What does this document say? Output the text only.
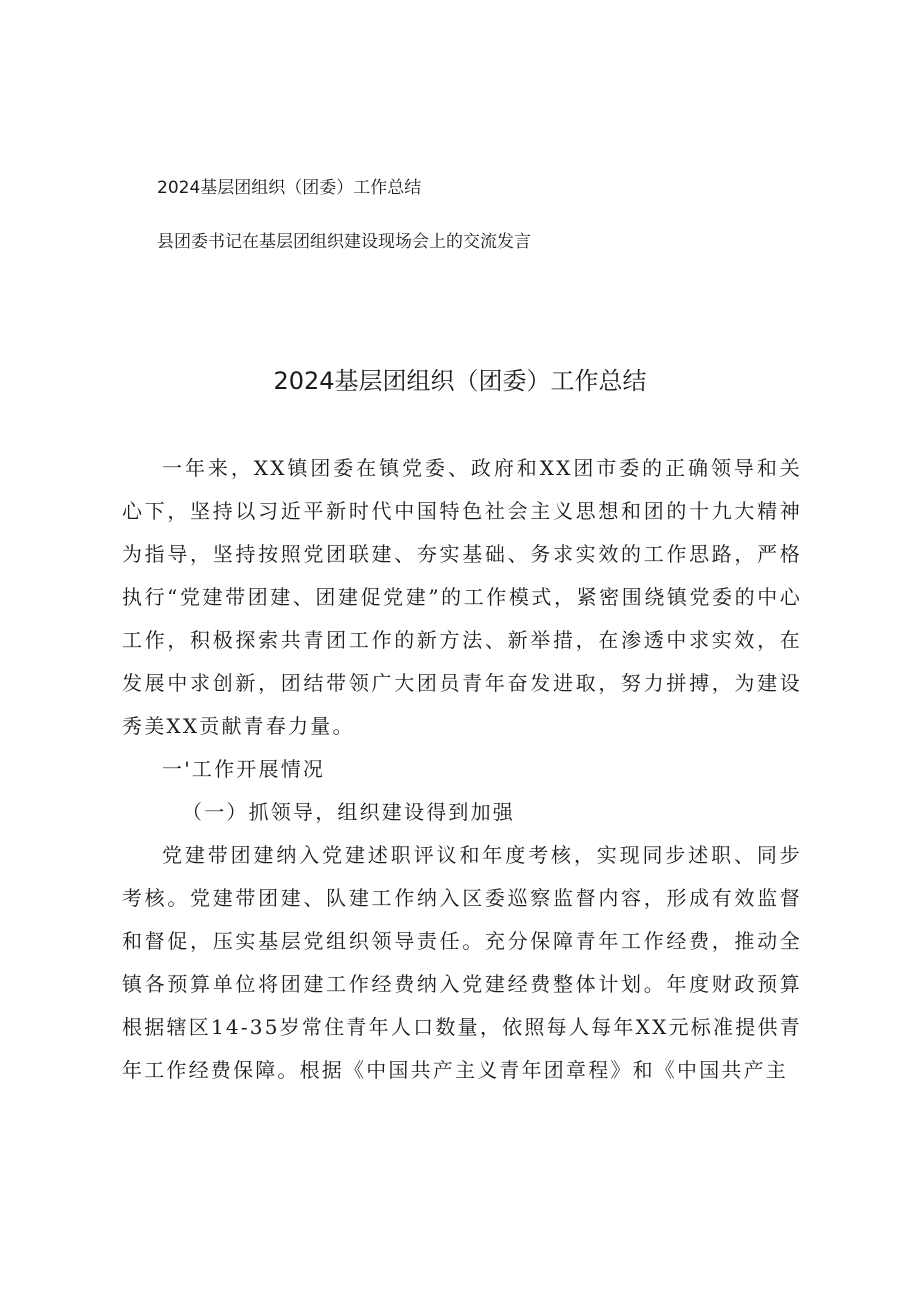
2024基层团组织（团委）工作总结
县团委书记在基层团组织建设现场会上的交流发言
2024基层团组织（团委）工作总结

一年来，XX镇团委在镇党委、政府和XX团市委的正确领导和关心下，坚持以习近平新时代中国特色社会主义思想和团的十九大精神为指导，坚持按照党团联建、夯实基础、务求实效的工作思路，严格执行“党建带团建、团建促党建”的工作模式，紧密围绕镇党委的中心工作，积极探索共青团工作的新方法、新举措，在渗透中求实效，在发展中求创新，团结带领广大团员青年奋发进取，努力拼搏，为建设秀美XX贡献青春力量。

一'工作开展情况

（一）抓领导，组织建设得到加强

党建带团建纳入党建述职评议和年度考核，实现同步述职、同步考核。党建带团建、队建工作纳入区委巡察监督内容，形成有效监督和督促，压实基层党组织领导责任。充分保障青年工作经费，推动全镇各预算单位将团建工作经费纳入党建经费整体计划。年度财政预算根据辖区14-35岁常住青年人口数量，依照每人每年XX元标准提供青年工作经费保障。根据《中国共产主义青年团章程》和《中国共产主
